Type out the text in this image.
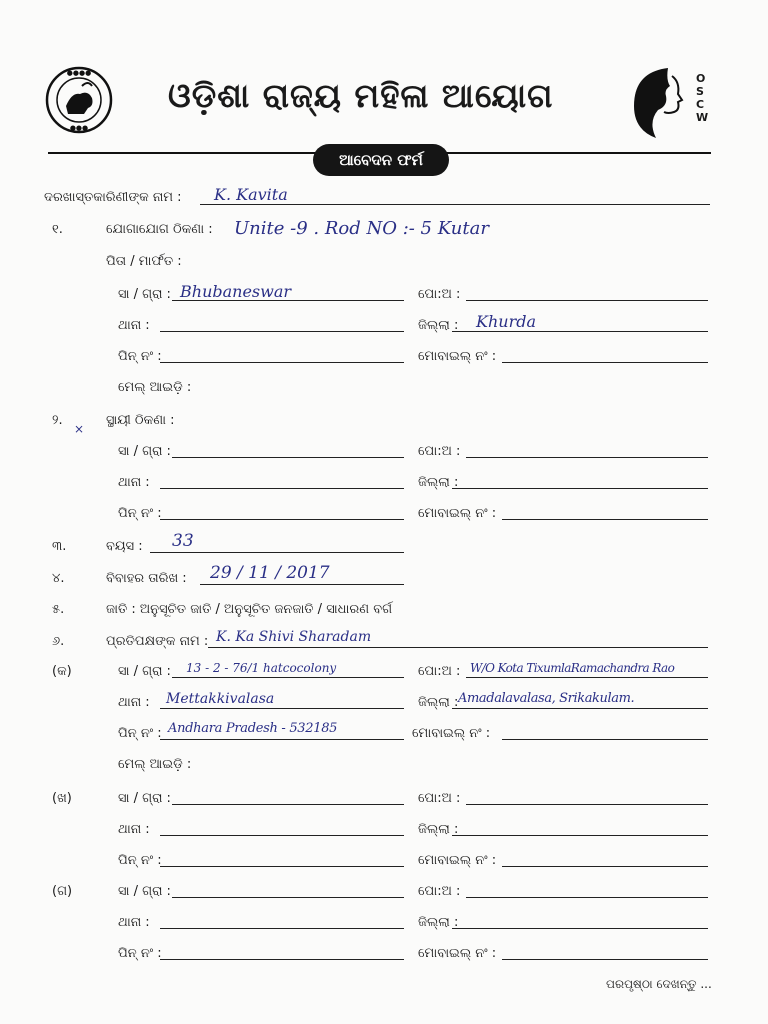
●●●●
●●●
ଓଡ଼ିଶା ରାଜ୍ୟ ମହିଳା ଆୟୋଗ	OSCW
ଆବେଦନ ଫର୍ମ
ଦରଖାସ୍ତକାରିଣୀଙ୍କ ନାମ : K. Kavita
୧.	ଯୋଗାଯୋଗ ଠିକଣା : Unite -9 . Rod NO :- 5 Kutar
ପିତା / ମାର୍ଫତ :
ସା / ଗ୍ରା : Bhubaneswar	ପୋ:ଅ :
ଥାନା :	ଜିଲ୍ଲା : Khurda
ପିନ୍ ନଂ :	ମୋବାଇଲ୍ ନଂ :
ମେଲ୍ ଆଇଡ଼ି :
୨.
×
ସ୍ଥାୟୀ ଠିକଣା :
ସା / ଗ୍ରା :	ପୋ:ଅ :
ଥାନା :	ଜିଲ୍ଲା :
ପିନ୍ ନଂ :	ମୋବାଇଲ୍ ନଂ :
୩.	ବୟସ : 33
୪.	ବିବାହର ତାରିଖ : 29 / 11 / 2017
୫.	ଜାତି : ଅନୁସୂଚିତ ଜାତି / ଅନୁସୂଚିତ ଜନଜାତି / ସାଧାରଣ ବର୍ଗ
୬.	ପ୍ରତିପକ୍ଷଙ୍କ ନାମ : K. Ka Shivi Sharadam
(କ)	ସା / ଗ୍ରା : 13 - 2 - 76/1 hatcocolony	ପୋ:ଅ : W/O Kota TixumlaRamachandra Rao
ଥାନା : Mettakkivalasa	ଜିଲ୍ଲା : Amadalavalasa, Srikakulam.
ପିନ୍ ନଂ : Andhara Pradesh - 532185	ମୋବାଇଲ୍ ନଂ :
ମେଲ୍ ଆଇଡ଼ି :
(ଖ)	ସା / ଗ୍ରା :	ପୋ:ଅ :
ଥାନା :	ଜିଲ୍ଲା :
ପିନ୍ ନଂ :	ମୋବାଇଲ୍ ନଂ :
(ଗ)	ସା / ଗ୍ରା :	ପୋ:ଅ :
ଥାନା :	ଜିଲ୍ଲା :
ପିନ୍ ନଂ :	ମୋବାଇଲ୍ ନଂ :
ପରପୃଷ୍ଠା ଦେଖନ୍ତୁ ...
